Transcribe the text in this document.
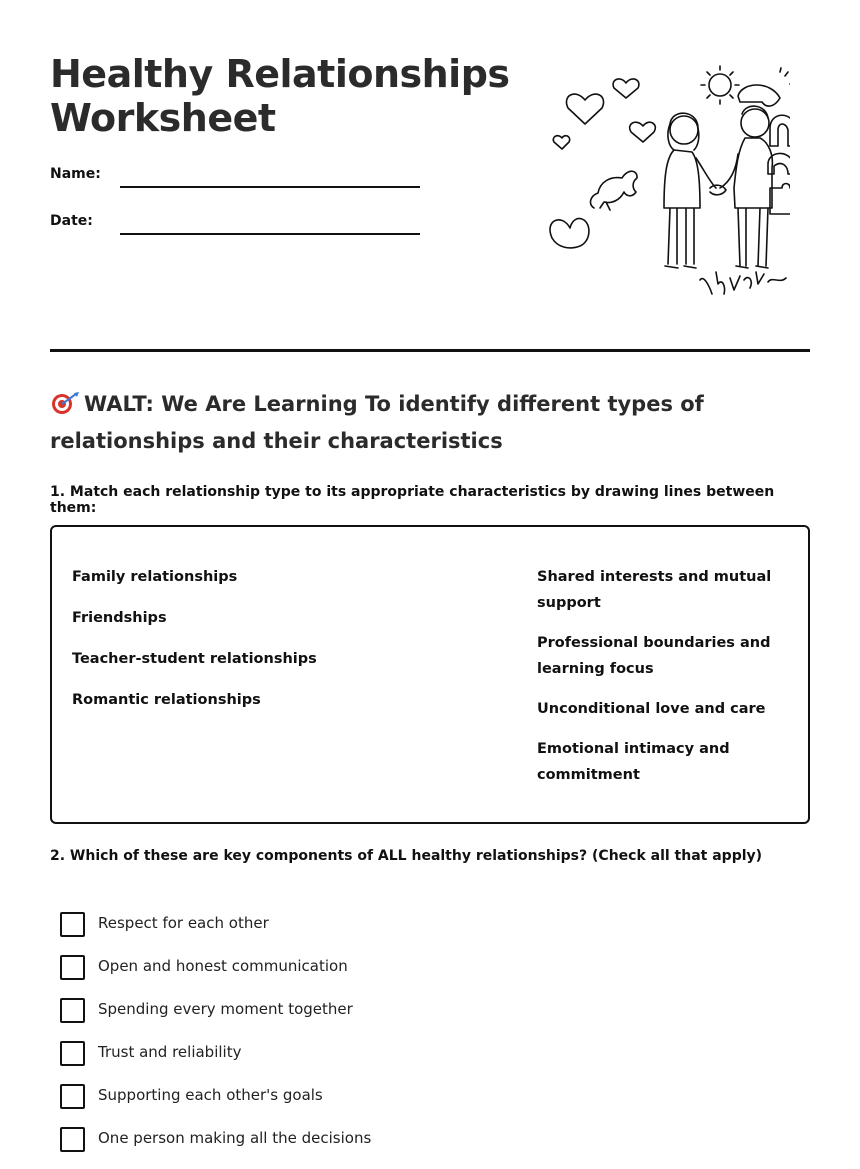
Healthy Relationships
Worksheet
Name:
Date:
WALT: We Are Learning To identify different types of relationships and their characteristics
1. Match each relationship type to its appropriate characteristics by drawing lines between them:
Family relationships
Friendships
Teacher-student relationships
Romantic relationships
Shared interests and mutual support
Professional boundaries and learning focus
Unconditional love and care
Emotional intimacy and commitment
2. Which of these are key components of ALL healthy relationships? (Check all that apply)
Respect for each other
Open and honest communication
Spending every moment together
Trust and reliability
Supporting each other's goals
One person making all the decisions
